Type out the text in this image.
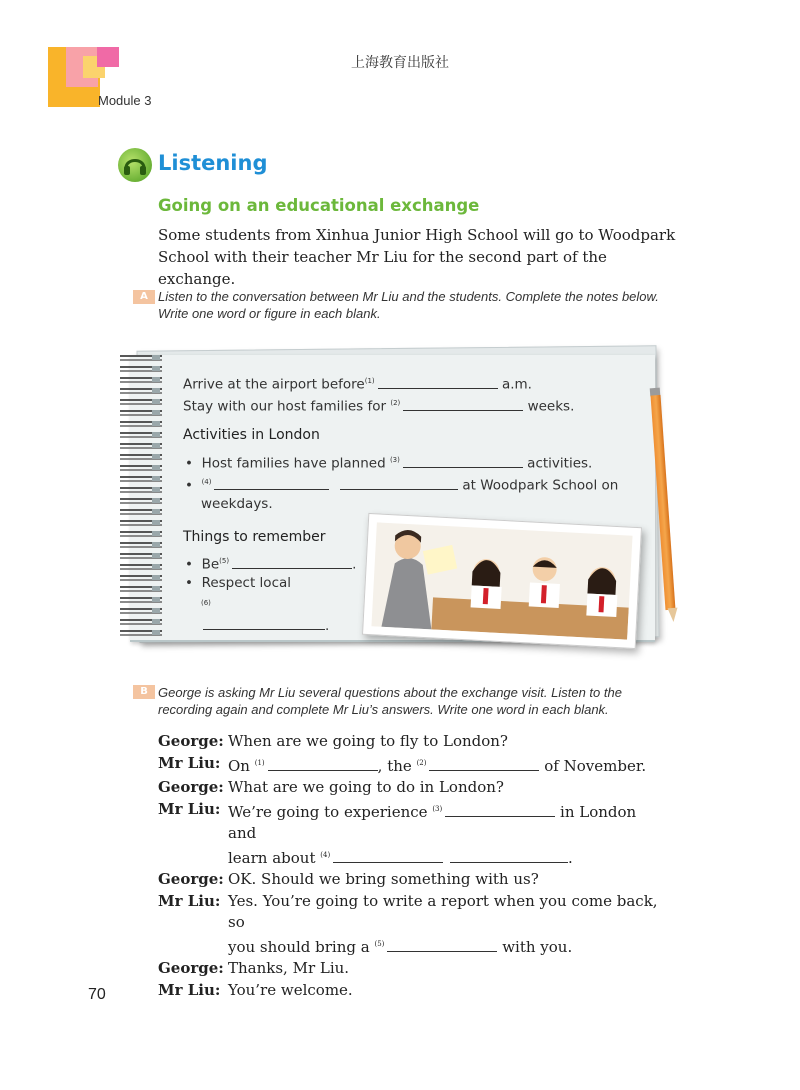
Module 3
上海教育出版社
Listening
Going on an educational exchange
Some students from Xinhua Junior High School will go to Woodpark School with their teacher Mr Liu for the second part of the exchange.
A Listen to the conversation between Mr Liu and the students. Complete the notes below. Write one word or figure in each blank.
Arrive at the airport before$^{(1)}$	a.m.
Stay with our host families for $^{(2)}$	weeks.
Activities in London
• Host families have planned $^{(3)}$	activities.
• $^{(4)}$	at Woodpark School on
weekdays.
Things to remember
• Be$^{(5)}$	.
• Respect local
$^{(6)}$
.
B George is asking Mr Liu several questions about the exchange visit. Listen to the recording again and complete Mr Liu’s answers. Write one word in each blank.
George: When are we going to fly to London?
Mr Liu: On $^{(1)}$	, the $^{(2)}$	of November.
George: What are we going to do in London?
Mr Liu: We’re going to experience $^{(3)}$	in London and
learn about $^{(4)}$	.
George: OK. Should we bring something with us?
Mr Liu: Yes. You’re going to write a report when you come back, so
you should bring a $^{(5)}$	with you.
George: Thanks, Mr Liu.
Mr Liu: You’re welcome.
70
